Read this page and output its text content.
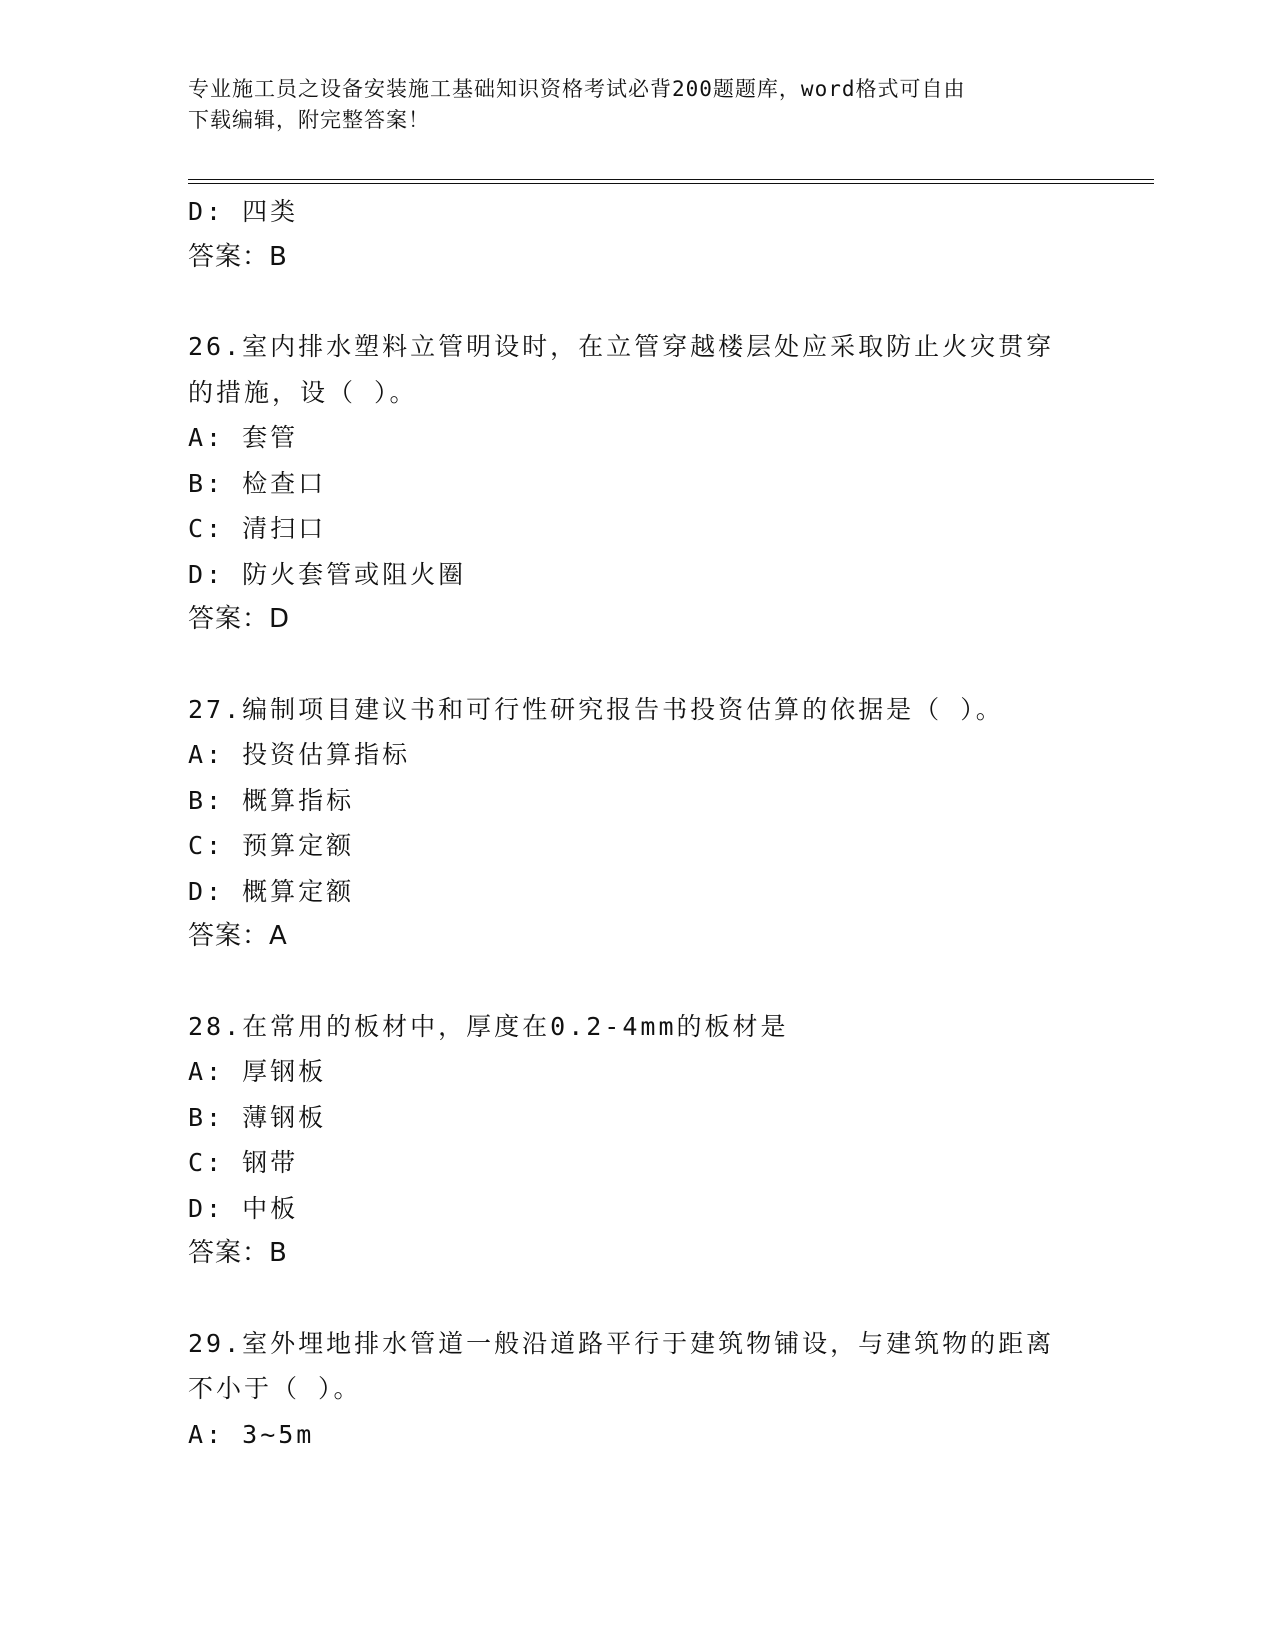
专业施工员之设备安装施工基础知识资格考试必背200题题库，word格式可自由
下载编辑，附完整答案！
D: 四类
答案：B
26.室内排水塑料立管明设时，在立管穿越楼层处应采取防止火灾贯穿
的措施，设（ ）。
A: 套管
B: 检查口
C: 清扫口
D: 防火套管或阻火圈
答案：D
27.编制项目建议书和可行性研究报告书投资估算的依据是（ ）。
A: 投资估算指标
B: 概算指标
C: 预算定额
D: 概算定额
答案：A
28.在常用的板材中，厚度在0.2-4mm的板材是
A: 厚钢板
B: 薄钢板
C: 钢带
D: 中板
答案：B
29.室外埋地排水管道一般沿道路平行于建筑物铺设，与建筑物的距离
不小于（ ）。
A: 3~5m
